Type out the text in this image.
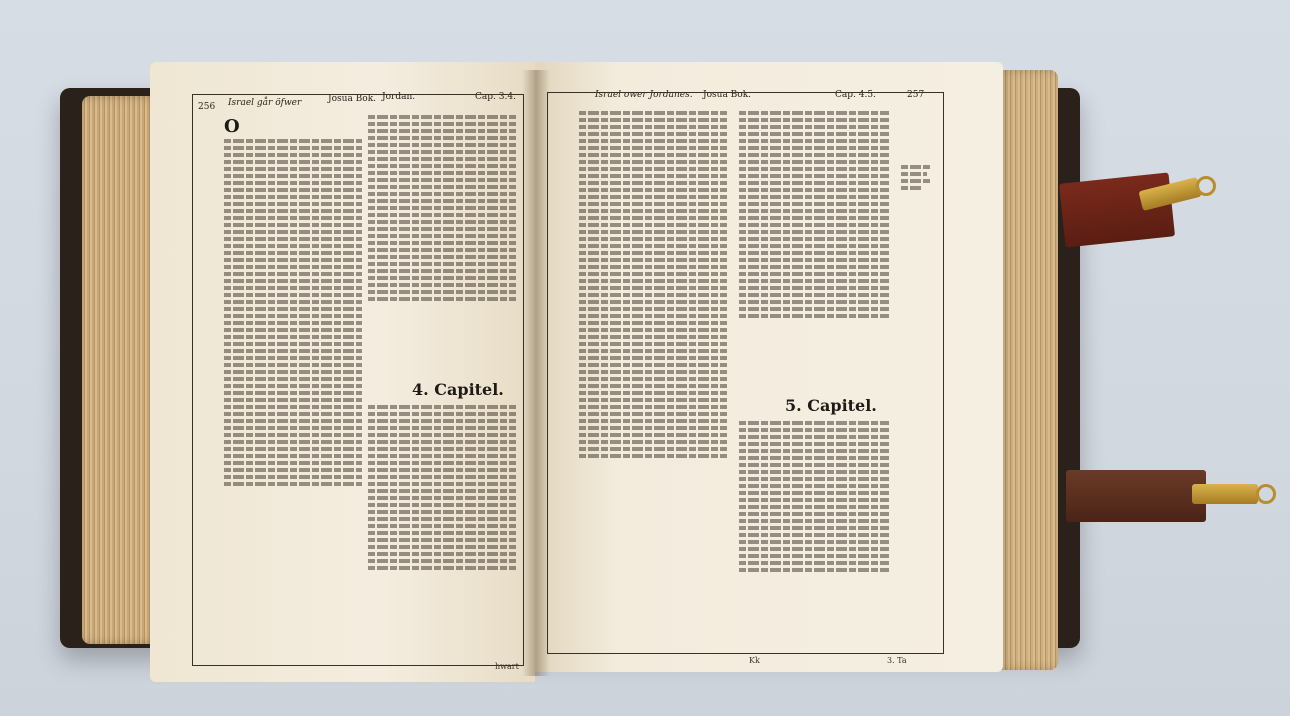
256 Israel går öfwer	Josua Bok. Jordan.	Cap. 3.4.
O
4. Capitel.
hwart
Israel ower Jordanes. Josua Bok.	Cap. 4.5.	257
5. Capitel.
Kk	3. Ta
